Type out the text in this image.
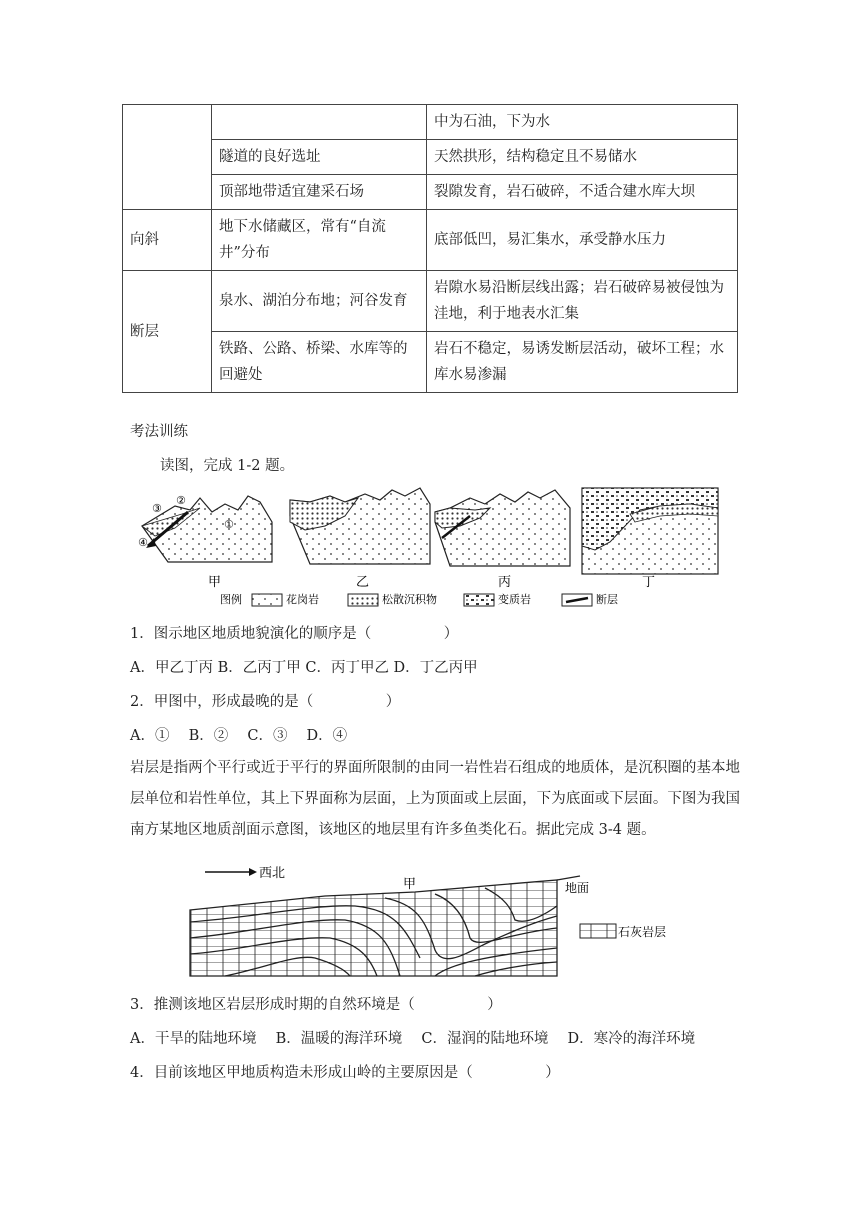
		中为石油，下为水
	隧道的良好选址	天然拱形，结构稳定且不易储水
	顶部地带适宜建采石场	裂隙发育，岩石破碎，不适合建水库大坝
向斜	地下水储藏区，常有“自流井”分布	底部低凹，易汇集水，承受静水压力
断层	泉水、湖泊分布地；河谷发育	岩隙水易沿断层线出露；岩石破碎易被侵蚀为洼地，利于地表水汇集
	铁路、公路、桥梁、水库等的回避处	岩石不稳定，易诱发断层活动，破坏工程；水库水易渗漏
考法训练
读图，完成 1-2 题。
③
②
①
④
甲	乙	丙	丁
图例	花岗岩	松散沉积物	变质岩	断层
1．图示地区地质地貌演化的顺序是（　　　　　）
A．甲乙丁丙 B．乙丙丁甲 C．丙丁甲乙 D．丁乙丙甲
2．甲图中，形成最晚的是（　　　　　）
A．①　 B．②　 C．③　 D．④
岩层是指两个平行或近于平行的界面所限制的由同一岩性岩石组成的地质体，是沉积圈的基本地层单位和岩性单位，其上下界面称为层面，上为顶面或上层面，下为底面或下层面。下图为我国南方某地区地质剖面示意图，该地区的地层里有许多鱼类化石。据此完成 3-4 题。
西北
甲	地面
石灰岩层
3．推测该地区岩层形成时期的自然环境是（　　　　　）
A．干旱的陆地环境　 B．温暖的海洋环境　 C．湿润的陆地环境　 D．寒冷的海洋环境
4．目前该地区甲地质构造未形成山岭的主要原因是（　　　　　）
